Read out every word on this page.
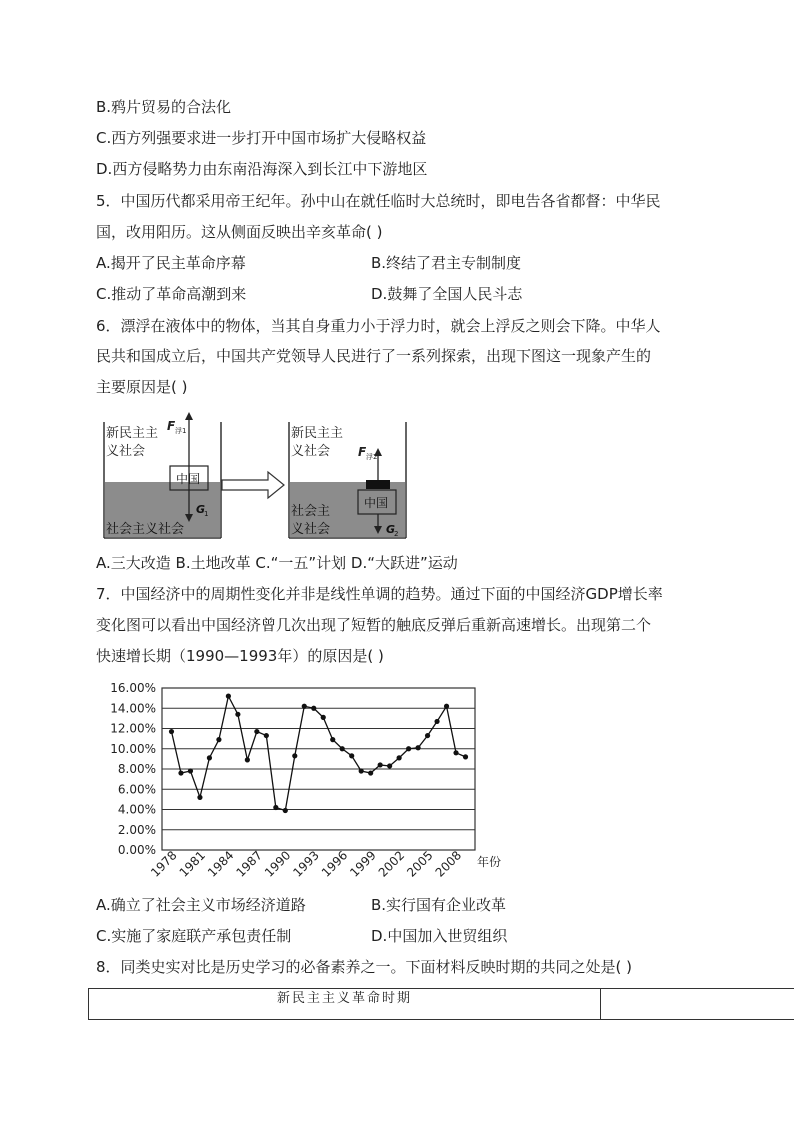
B.鸦片贸易的合法化
C.西方列强要求进一步打开中国市场扩大侵略权益
D.西方侵略势力由东南沿海深入到长江中下游地区
5．中国历代都采用帝王纪年。孙中山在就任临时大总统时，即电告各省都督：中华民
国，改用阳历。这从侧面反映出辛亥革命( )
A.揭开了民主革命序幕	B.终结了君主专制制度
C.推动了革命高潮到来	D.鼓舞了全国人民斗志
6．漂浮在液体中的物体，当其自身重力小于浮力时，就会上浮反之则会下降。中华人
民共和国成立后，中国共产党领导人民进行了一系列探索，出现下图这一现象产生的
主要原因是( )
新民主主
义社会
社会主义社会
中国
F 浮1
G
1
新民主主
义社会
社会主
义社会
中国
F 浮2
G
2
A.三大改造 B.土地改革 C.“一五”计划 D.“大跃进”运动
7．中国经济中的周期性变化并非是线性单调的趋势。通过下面的中国经济GDP增长率
变化图可以看出中国经济曾几次出现了短暂的触底反弹后重新高速增长。出现第二个
快速增长期（1990—1993年）的原因是( )
16.00%
14.00%
12.00%
10.00%
8.00%
6.00%
4.00%
2.00%
0.00%
1978
1981
1984
1987
1990
1993
1996
1999
2002
2005
2008 年份
A.确立了社会主义市场经济道路	B.实行国有企业改革
C.实施了家庭联产承包责任制	D.中国加入世贸组织
8．同类史实对比是历史学习的必备素养之一。下面材料反映时期的共同之处是( )
新民主主义革命时期
